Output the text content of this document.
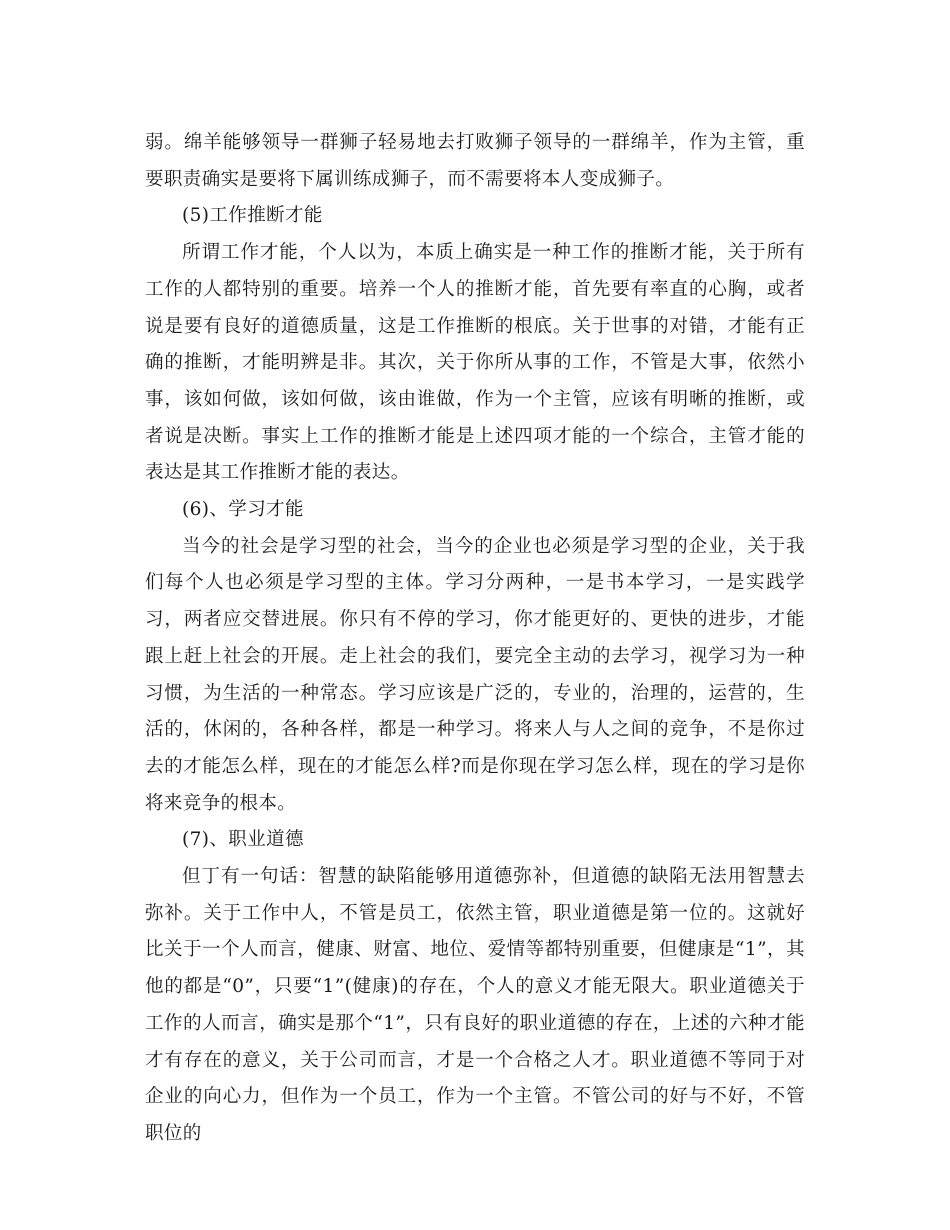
弱。绵羊能够领导一群狮子轻易地去打败狮子领导的一群绵羊，作为主管，重要职责确实是要将下属训练成狮子，而不需要将本人变成狮子。

(5)工作推断才能

所谓工作才能，个人以为，本质上确实是一种工作的推断才能，关于所有工作的人都特别的重要。培养一个人的推断才能，首先要有率直的心胸，或者说是要有良好的道德质量，这是工作推断的根底。关于世事的对错，才能有正确的推断，才能明辨是非。其次，关于你所从事的工作，不管是大事，依然小事，该如何做，该如何做，该由谁做，作为一个主管，应该有明晰的推断，或者说是决断。事实上工作的推断才能是上述四项才能的一个综合，主管才能的表达是其工作推断才能的表达。

(6)、学习才能

当今的社会是学习型的社会，当今的企业也必须是学习型的企业，关于我们每个人也必须是学习型的主体。学习分两种，一是书本学习，一是实践学习，两者应交替进展。你只有不停的学习，你才能更好的、更快的进步，才能跟上赶上社会的开展。走上社会的我们，要完全主动的去学习，视学习为一种习惯，为生活的一种常态。学习应该是广泛的，专业的，治理的，运营的，生活的，休闲的，各种各样，都是一种学习。将来人与人之间的竞争，不是你过去的才能怎么样，现在的才能怎么样?而是你现在学习怎么样，现在的学习是你将来竞争的根本。

(7)、职业道德

但丁有一句话：智慧的缺陷能够用道德弥补，但道德的缺陷无法用智慧去弥补。关于工作中人，不管是员工，依然主管，职业道德是第一位的。这就好比关于一个人而言，健康、财富、地位、爱情等都特别重要，但健康是“1”，其他的都是“0”，只要“1”(健康)的存在，个人的意义才能无限大。职业道德关于工作的人而言，确实是那个“1”，只有良好的职业道德的存在，上述的六种才能才有存在的意义，关于公司而言，才是一个合格之人才。职业道德不等同于对企业的向心力，但作为一个员工，作为一个主管。不管公司的好与不好，不管职位的
